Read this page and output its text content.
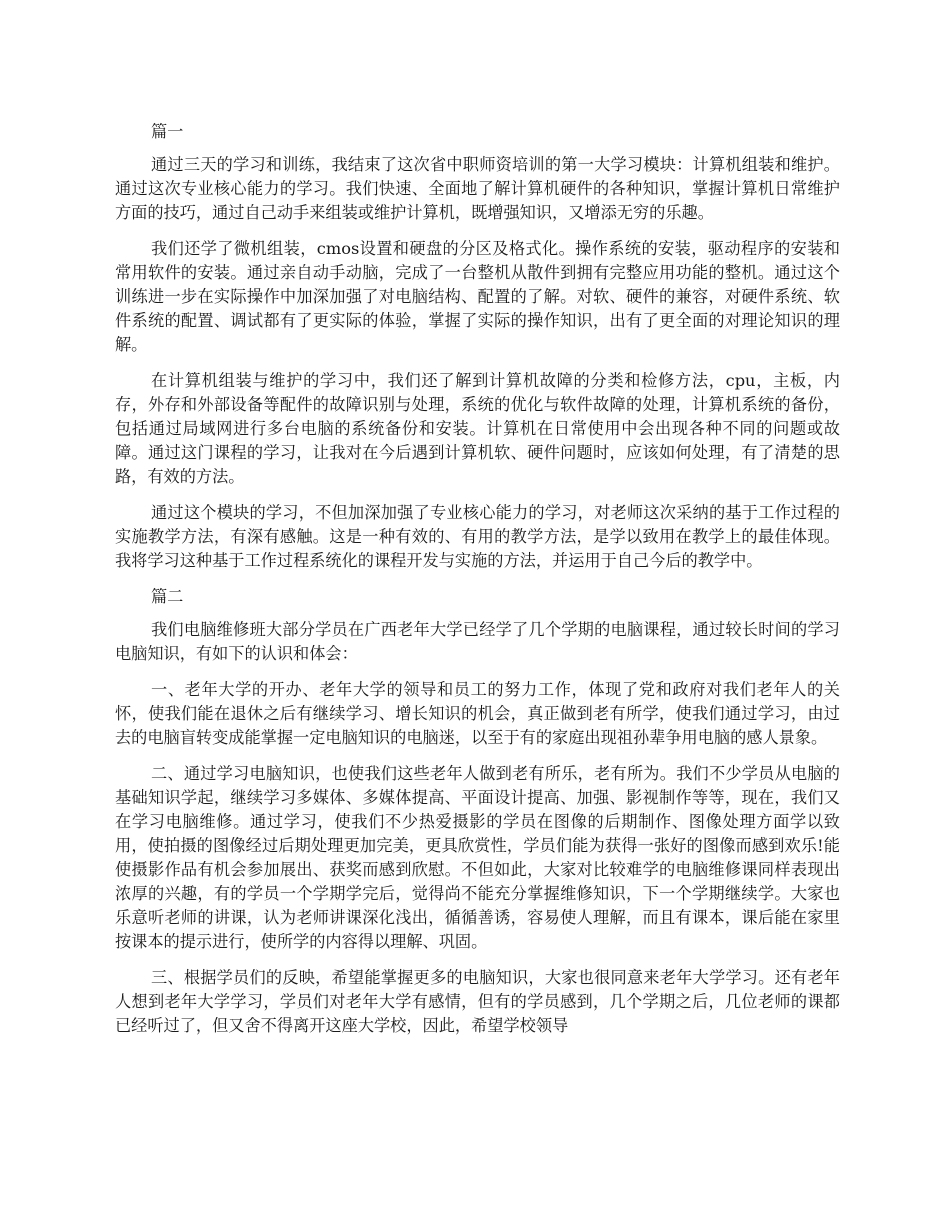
篇一

通过三天的学习和训练，我结束了这次省中职师资培训的第一大学习模块：计算机组装和维护。通过这次专业核心能力的学习。我们快速、全面地了解计算机硬件的各种知识，掌握计算机日常维护方面的技巧，通过自己动手来组装或维护计算机，既增强知识，又增添无穷的乐趣。

我们还学了微机组装，cmos设置和硬盘的分区及格式化。操作系统的安装，驱动程序的安装和常用软件的安装。通过亲自动手动脑，完成了一台整机从散件到拥有完整应用功能的整机。通过这个训练进一步在实际操作中加深加强了对电脑结构、配置的了解。对软、硬件的兼容，对硬件系统、软件系统的配置、调试都有了更实际的体验，掌握了实际的操作知识，出有了更全面的对理论知识的理解。

在计算机组装与维护的学习中，我们还了解到计算机故障的分类和检修方法，cpu，主板，内存，外存和外部设备等配件的故障识别与处理，系统的优化与软件故障的处理，计算机系统的备份，包括通过局域网进行多台电脑的系统备份和安装。计算机在日常使用中会出现各种不同的问题或故障。通过这门课程的学习，让我对在今后遇到计算机软、硬件问题时，应该如何处理，有了清楚的思路，有效的方法。

通过这个模块的学习，不但加深加强了专业核心能力的学习，对老师这次采纳的基于工作过程的实施教学方法，有深有感触。这是一种有效的、有用的教学方法，是学以致用在教学上的最佳体现。我将学习这种基于工作过程系统化的课程开发与实施的方法，并运用于自己今后的教学中。

篇二

我们电脑维修班大部分学员在广西老年大学已经学了几个学期的电脑课程，通过较长时间的学习电脑知识，有如下的认识和体会：

一、老年大学的开办、老年大学的领导和员工的努力工作，体现了党和政府对我们老年人的关怀，使我们能在退休之后有继续学习、增长知识的机会，真正做到老有所学，使我们通过学习，由过去的电脑盲转变成能掌握一定电脑知识的电脑迷，以至于有的家庭出现祖孙辈争用电脑的感人景象。

二、通过学习电脑知识，也使我们这些老年人做到老有所乐，老有所为。我们不少学员从电脑的基础知识学起，继续学习多媒体、多媒体提高、平面设计提高、加强、影视制作等等，现在，我们又在学习电脑维修。通过学习，使我们不少热爱摄影的学员在图像的后期制作、图像处理方面学以致用，使拍摄的图像经过后期处理更加完美，更具欣赏性，学员们能为获得一张好的图像而感到欢乐!能使摄影作品有机会参加展出、获奖而感到欣慰。不但如此，大家对比较难学的电脑维修课同样表现出浓厚的兴趣，有的学员一个学期学完后，觉得尚不能充分掌握维修知识，下一个学期继续学。大家也乐意听老师的讲课，认为老师讲课深化浅出，循循善诱，容易使人理解，而且有课本，课后能在家里按课本的提示进行，使所学的内容得以理解、巩固。

三、根据学员们的反映，希望能掌握更多的电脑知识，大家也很同意来老年大学学习。还有老年人想到老年大学学习，学员们对老年大学有感情，但有的学员感到，几个学期之后，几位老师的课都已经听过了，但又舍不得离开这座大学校，因此，希望学校领导
